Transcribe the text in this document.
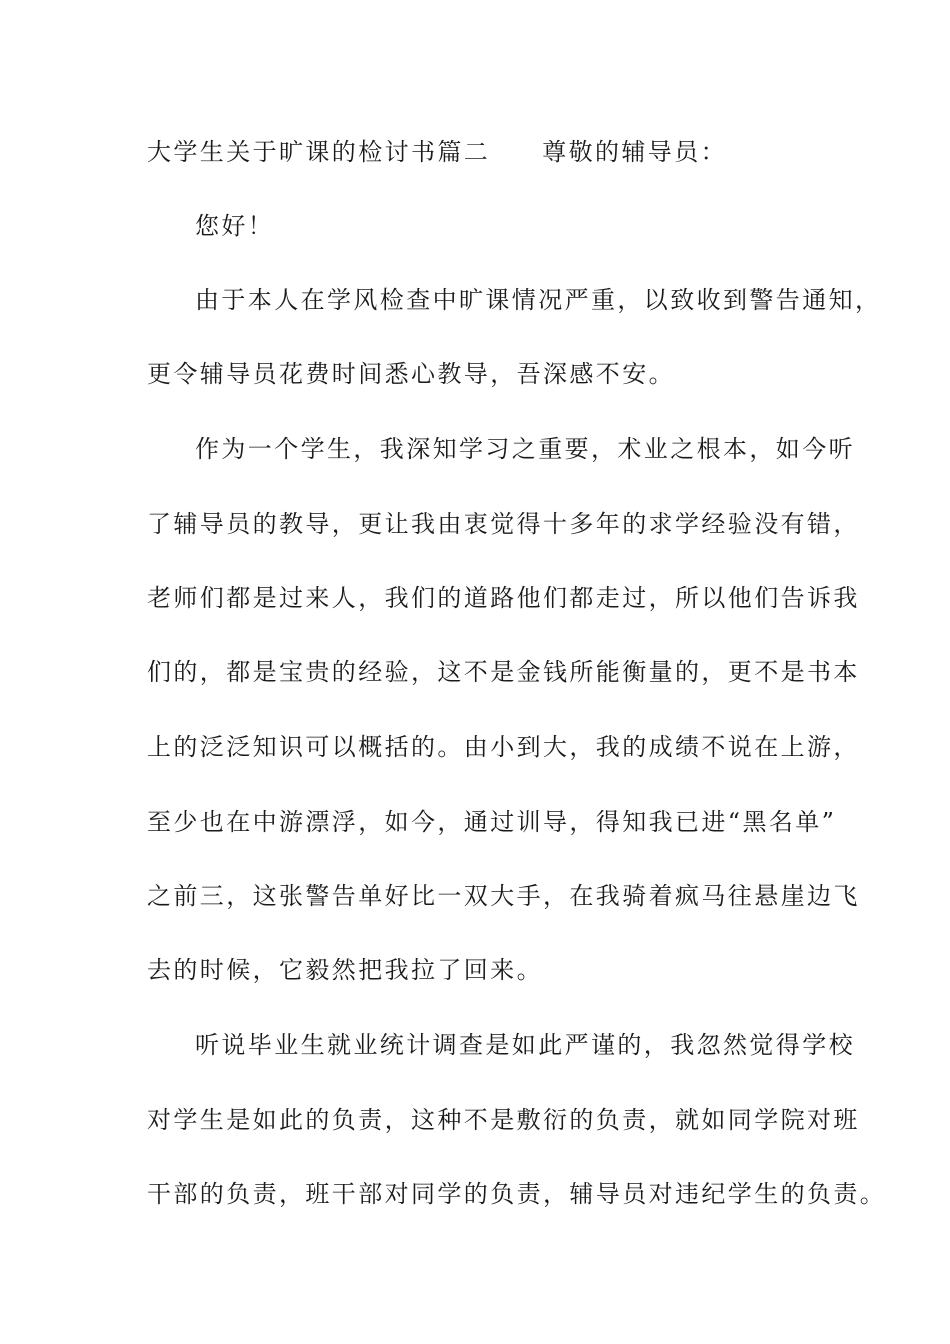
大学生关于旷课的检讨书篇二 尊敬的辅导员：
您好！
由于本人在学风检查中旷课情况严重，以致收到警告通知，
更令辅导员花费时间悉心教导，吾深感不安。
作为一个学生，我深知学习之重要，术业之根本，如今听
了辅导员的教导，更让我由衷觉得十多年的求学经验没有错，
老师们都是过来人，我们的道路他们都走过，所以他们告诉我
们的，都是宝贵的经验，这不是金钱所能衡量的，更不是书本
上的泛泛知识可以概括的。由小到大，我的成绩不说在上游，
至少也在中游漂浮，如今，通过训导，得知我已进“黑名单”
之前三，这张警告单好比一双大手，在我骑着疯马往悬崖边飞
去的时候，它毅然把我拉了回来。
听说毕业生就业统计调查是如此严谨的，我忽然觉得学校
对学生是如此的负责，这种不是敷衍的负责，就如同学院对班
干部的负责，班干部对同学的负责，辅导员对违纪学生的负责。
